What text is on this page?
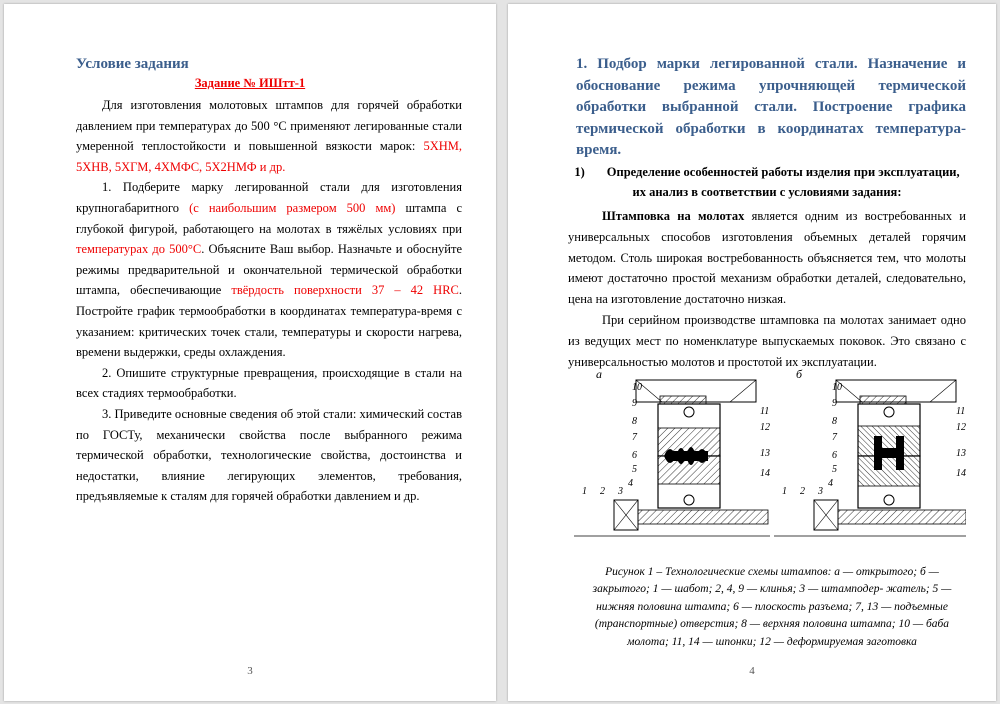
Условие задания
Задание № ИШтт-1

Для изготовления молотовых штампов для горячей обработки давлением при температурах до 500 °С применяют легированные стали умеренной теплостойкости и повышенной вязкости марок: 5ХНМ, 5ХНВ, 5ХГМ, 4ХМФС, 5Х2НМФ и др.

1. Подберите марку легированной стали для изготовления крупногабаритного (с наибольшим размером 500 мм) штампа с глубокой фигурой, работающего на молотах в тяжёлых условиях при температурах до 500°С. Объясните Ваш выбор. Назначьте и обоснуйте режимы предварительной и окончательной термической обработки штампа, обеспечивающие твёрдость поверхности 37 – 42 HRC. Постройте график термообработки в координатах температура-время с указанием: критических точек стали, температуры и скорости нагрева, времени выдержки, среды охлаждения.

2. Опишите структурные превращения, происходящие в стали на всех стадиях термообработки.

3. Приведите основные сведения об этой стали: химический состав по ГОСТу, механически свойства после выбранного режима термической обработки, технологические свойства, достоинства и недостатки, влияние легирующих элементов, требования, предъявляемые к сталям для горячей обработки давлением и др.

3
1. Подбор марки легированной стали. Назначение и обоснование режима упрочняющей термической обработки выбранной стали. Построение графика термической обработки в координатах температура-время.
1) Определение особенностей работы изделия при эксплуатации, их анализ в соответствии с условиями задания:

Штамповка на молотах является одним из востребованных и универсальных способов изготовления объемных деталей горячим методом. Столь широкая востребованность объясняется тем, что молоты имеют достаточно простой механизм обработки деталей, следовательно, цена на изготовление достаточно низкая.

При серийном производстве штамповка па молотах занимает одно из ведущих мест по номенклатуре выпускаемых поковок. Это связано с универсальностью молотов и простотой их эксплуатации.

а
10
9
8
7
6
5
4
1 2 3
11
12
13
14
б
10
9
8
7
6
5
4
1 2 3
11
12
13
14
Рисунок 1 – Технологические схемы штампов: а — открытого; б — закрытого; 1 — шабот; 2, 4, 9 — клинья; 3 — штамподер- жатель; 5 — нижняя половина штампа; 6 — плоскость разъема; 7, 13 — подъемные (транспортные) отверстия; 8 — верхняя половина штампа; 10 — баба молота; 11, 14 — шпонки; 12 — деформируемая заготовка
4
